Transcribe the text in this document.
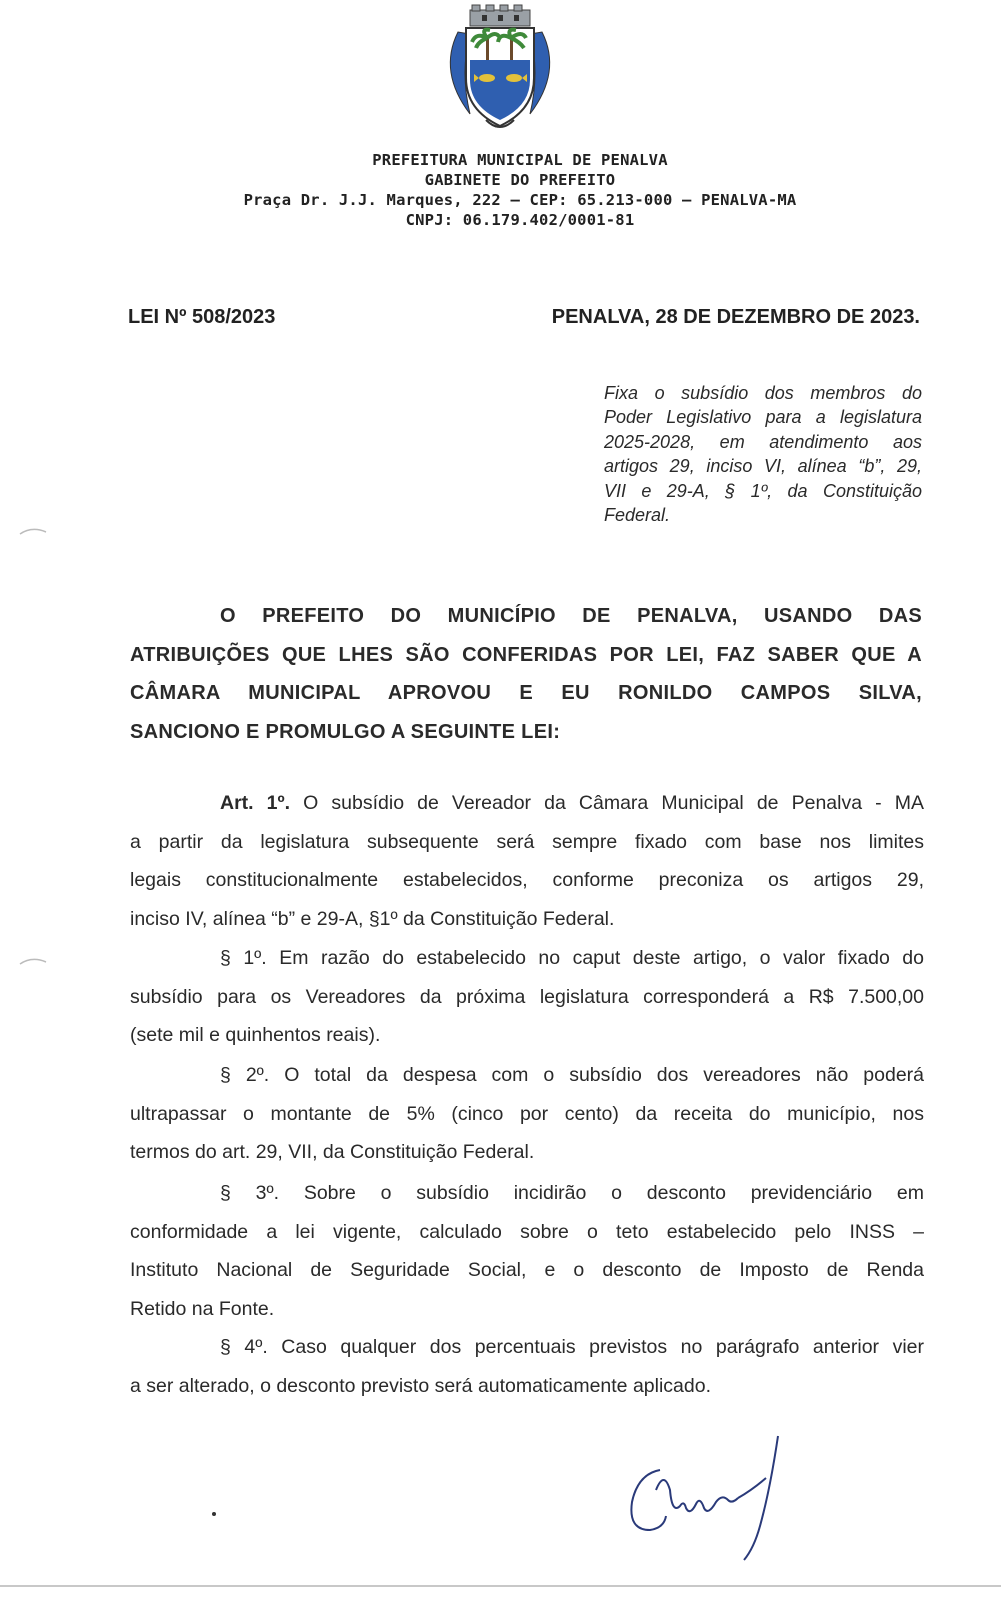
PREFEITURA MUNICIPAL DE PENALVA
GABINETE DO PREFEITO
Praça Dr. J.J. Marques, 222 – CEP: 65.213-000 – PENALVA-MA
CNPJ: 06.179.402/0001-81
LEI Nº 508/2023	PENALVA, 28 DE DEZEMBRO DE 2023.
Fixa o subsídio dos membros do
Poder Legislativo para a legislatura
2025-2028, em atendimento aos
artigos 29, inciso VI, alínea “b”, 29,
VII e 29-A, § 1º, da Constituição
Federal.
O PREFEITO DO MUNICÍPIO DE PENALVA, USANDO DAS
ATRIBUIÇÕES QUE LHES SÃO CONFERIDAS POR LEI, FAZ SABER QUE A
CÂMARA MUNICIPAL APROVOU E EU RONILDO CAMPOS SILVA,
SANCIONO E PROMULGO A SEGUINTE LEI:
Art. 1º. O subsídio de Vereador da Câmara Municipal de Penalva - MA
a partir da legislatura subsequente será sempre fixado com base nos limites
legais constitucionalmente estabelecidos, conforme preconiza os artigos 29,
inciso IV, alínea “b” e 29-A, §1º da Constituição Federal.
§ 1º. Em razão do estabelecido no caput deste artigo, o valor fixado do
subsídio para os Vereadores da próxima legislatura corresponderá a R$ 7.500,00
(sete mil e quinhentos reais).
§ 2º. O total da despesa com o subsídio dos vereadores não poderá
ultrapassar o montante de 5% (cinco por cento) da receita do município, nos
termos do art. 29, VII, da Constituição Federal.
§ 3º. Sobre o subsídio incidirão o desconto previdenciário em
conformidade a lei vigente, calculado sobre o teto estabelecido pelo INSS –
Instituto Nacional de Seguridade Social, e o desconto de Imposto de Renda
Retido na Fonte.
§ 4º. Caso qualquer dos percentuais previstos no parágrafo anterior vier
a ser alterado, o desconto previsto será automaticamente aplicado.
